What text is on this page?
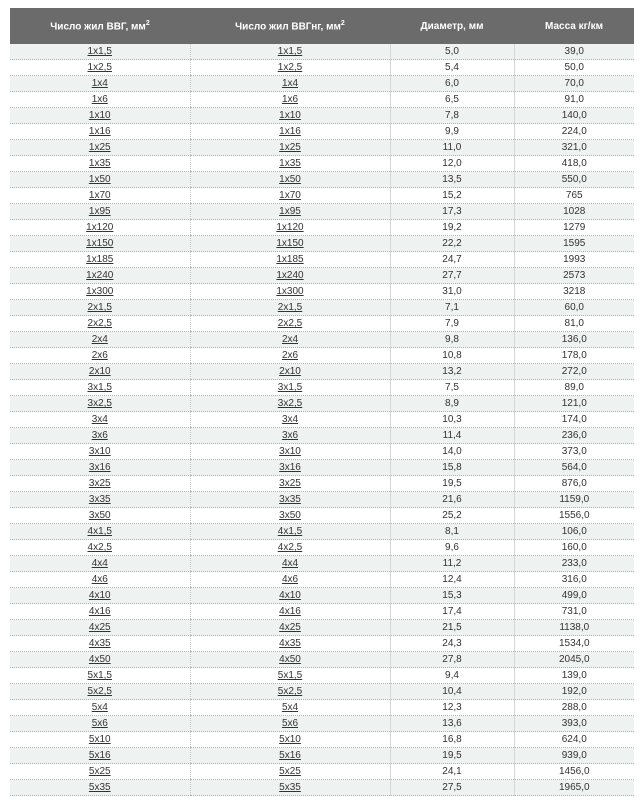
Число жил ВВГ, $мм^2$	Число жил ВВГнг, $мм^2$	Диаметр, мм	Масса кг/км
1x1,5	1x1,5	5,0	39,0
1x2,5	1x2,5	5,4	50,0
1x4	1x4	6,0	70,0
1x6	1x6	6,5	91,0
1x10	1x10	7,8	140,0
1x16	1x16	9,9	224,0
1x25	1x25	11,0	321,0
1x35	1x35	12,0	418,0
1x50	1x50	13,5	550,0
1x70	1x70	15,2	765
1x95	1x95	17,3	1028
1x120	1x120	19,2	1279
1x150	1x150	22,2	1595
1x185	1x185	24,7	1993
1x240	1x240	27,7	2573
1x300	1x300	31,0	3218
2x1,5	2x1,5	7,1	60,0
2x2,5	2x2,5	7,9	81,0
2x4	2x4	9,8	136,0
2x6	2x6	10,8	178,0
2x10	2x10	13,2	272,0
3x1,5	3x1,5	7,5	89,0
3x2,5	3x2,5	8,9	121,0
3x4	3x4	10,3	174,0
3x6	3x6	11,4	236,0
3x10	3x10	14,0	373,0
3x16	3x16	15,8	564,0
3x25	3x25	19,5	876,0
3x35	3x35	21,6	1159,0
3x50	3x50	25,2	1556,0
4x1,5	4x1,5	8,1	106,0
4x2,5	4x2,5	9,6	160,0
4x4	4x4	11,2	233,0
4x6	4x6	12,4	316,0
4x10	4x10	15,3	499,0
4x16	4x16	17,4	731,0
4x25	4x25	21,5	1138,0
4x35	4x35	24,3	1534,0
4x50	4x50	27,8	2045,0
5x1,5	5x1,5	9,4	139,0
5x2,5	5x2,5	10,4	192,0
5x4	5x4	12,3	288,0
5x6	5x6	13,6	393,0
5x10	5x10	16,8	624,0
5x16	5x16	19,5	939,0
5x25	5x25	24,1	1456,0
5x35	5x35	27,5	1965,0
